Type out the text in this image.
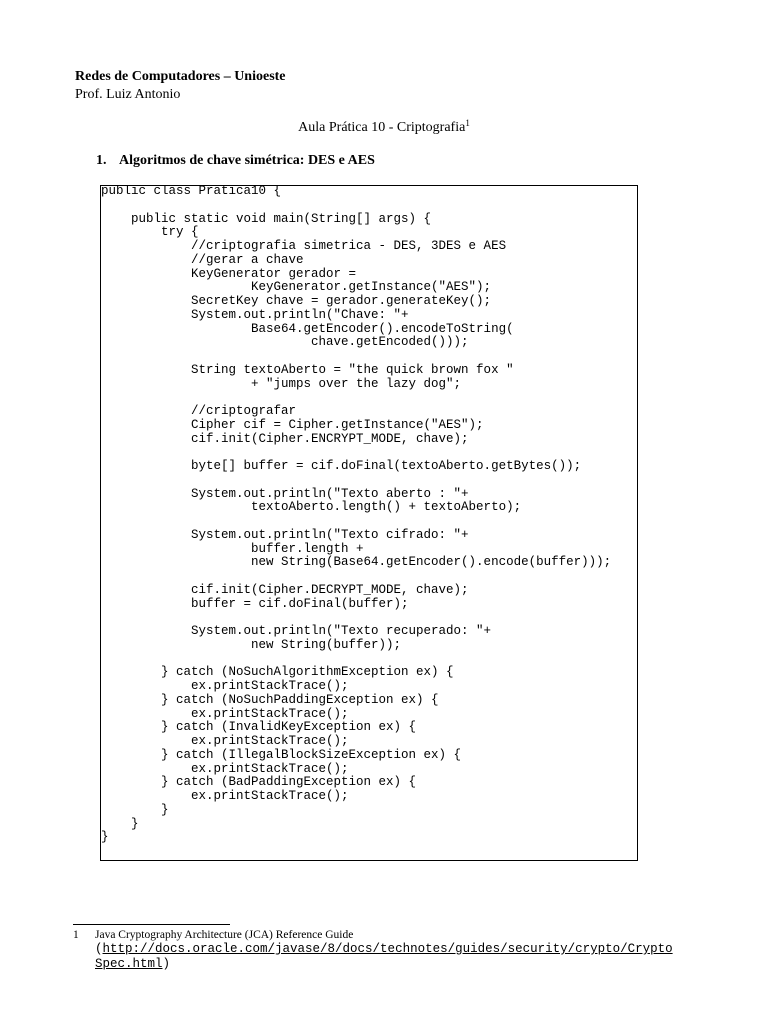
Redes de Computadores – Unioeste
Prof. Luiz Antonio
Aula Prática 10 - Criptografia$^1$
1. Algoritmos de chave simétrica: DES e AES
public class Pratica10 {

public static void main(String[] args) {
try {
//criptografia simetrica - DES, 3DES e AES
//gerar a chave
KeyGenerator gerador =
KeyGenerator.getInstance("AES");
SecretKey chave = gerador.generateKey();
System.out.println("Chave: "+
Base64.getEncoder().encodeToString(
chave.getEncoded()));

String textoAberto = "the quick brown fox "
+ "jumps over the lazy dog";

//criptografar
Cipher cif = Cipher.getInstance("AES");
cif.init(Cipher.ENCRYPT_MODE, chave);

byte[] buffer = cif.doFinal(textoAberto.getBytes());

System.out.println("Texto aberto : "+
textoAberto.length() + textoAberto);

System.out.println("Texto cifrado: "+
buffer.length +
new String(Base64.getEncoder().encode(buffer)));

cif.init(Cipher.DECRYPT_MODE, chave);
buffer = cif.doFinal(buffer);

System.out.println("Texto recuperado: "+
new String(buffer));

} catch (NoSuchAlgorithmException ex) {
ex.printStackTrace();
} catch (NoSuchPaddingException ex) {
ex.printStackTrace();
} catch (InvalidKeyException ex) {
ex.printStackTrace();
} catch (IllegalBlockSizeException ex) {
ex.printStackTrace();
} catch (BadPaddingException ex) {
ex.printStackTrace();
}
}
}
1 Java Cryptography Architecture (JCA) Reference Guide
(http://docs.oracle.com/javase/8/docs/technotes/guides/security/crypto/Crypto
Spec.html)
